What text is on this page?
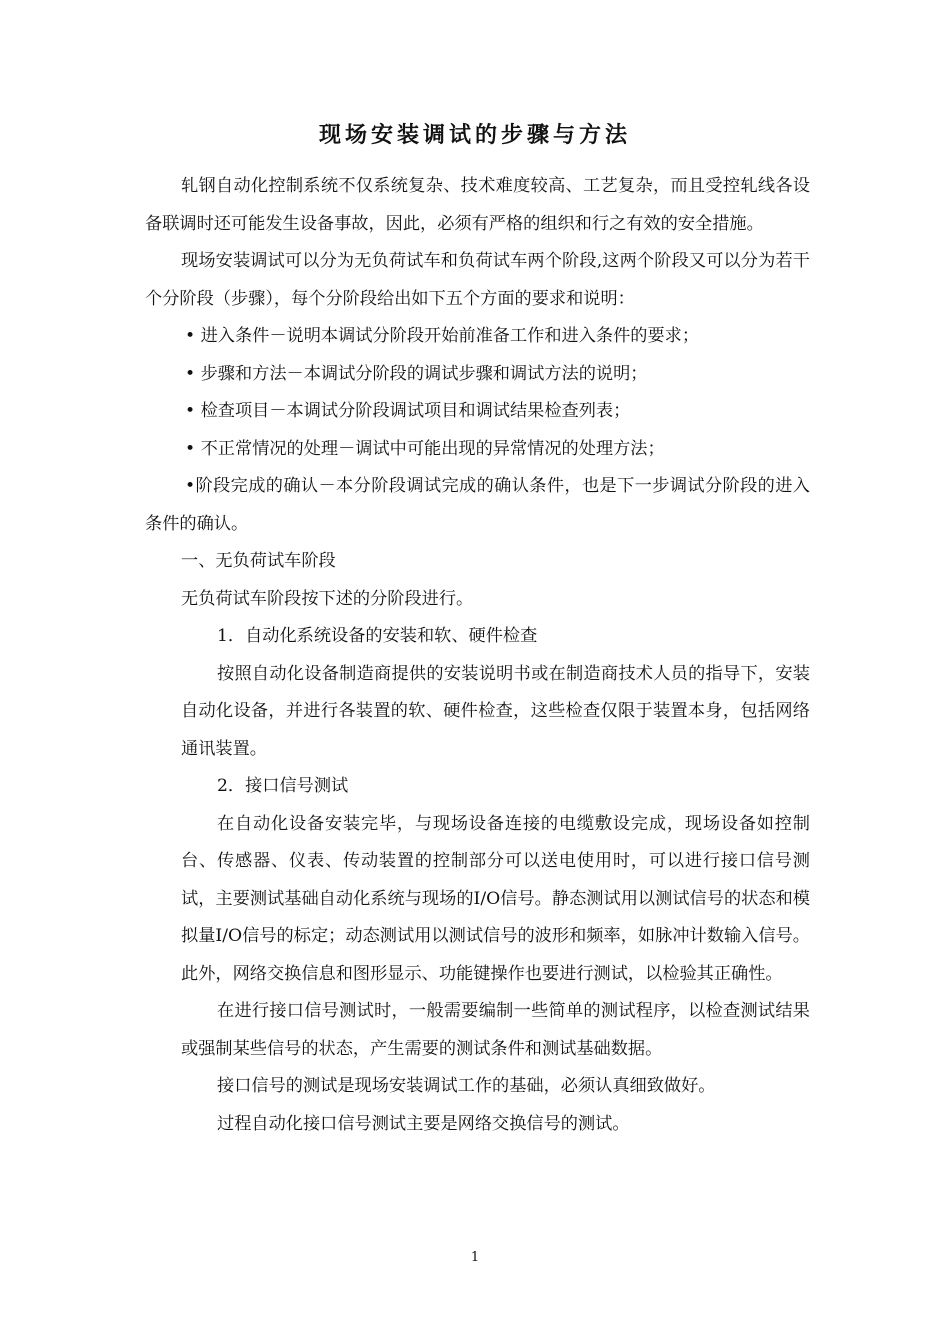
现场安装调试的步骤与方法

轧钢自动化控制系统不仅系统复杂、技术难度较高、工艺复杂，而且受控轧线各设备联调时还可能发生设备事故，因此，必须有严格的组织和行之有效的安全措施。

现场安装调试可以分为无负荷试车和负荷试车两个阶段,这两个阶段又可以分为若干个分阶段（步骤），每个分阶段给出如下五个方面的要求和说明：

• 进入条件－说明本调试分阶段开始前准备工作和进入条件的要求；

• 步骤和方法－本调试分阶段的调试步骤和调试方法的说明；

• 检查项目－本调试分阶段调试项目和调试结果检查列表；

• 不正常情况的处理－调试中可能出现的异常情况的处理方法；

•阶段完成的确认－本分阶段调试完成的确认条件，也是下一步调试分阶段的进入条件的确认。

一、无负荷试车阶段

无负荷试车阶段按下述的分阶段进行。

1．自动化系统设备的安装和软、硬件检查

按照自动化设备制造商提供的安装说明书或在制造商技术人员的指导下，安装自动化设备，并进行各装置的软、硬件检查，这些检查仅限于装置本身，包括网络通讯装置。

2．接口信号测试

在自动化设备安装完毕，与现场设备连接的电缆敷设完成，现场设备如控制台、传感器、仪表、传动装置的控制部分可以送电使用时，可以进行接口信号测试，主要测试基础自动化系统与现场的I/O信号。静态测试用以测试信号的状态和模拟量I/O信号的标定；动态测试用以测试信号的波形和频率，如脉冲计数输入信号。此外，网络交换信息和图形显示、功能键操作也要进行测试，以检验其正确性。

在进行接口信号测试时，一般需要编制一些简单的测试程序，以检查测试结果或强制某些信号的状态，产生需要的测试条件和测试基础数据。

接口信号的测试是现场安装调试工作的基础，必须认真细致做好。

过程自动化接口信号测试主要是网络交换信号的测试。

1
